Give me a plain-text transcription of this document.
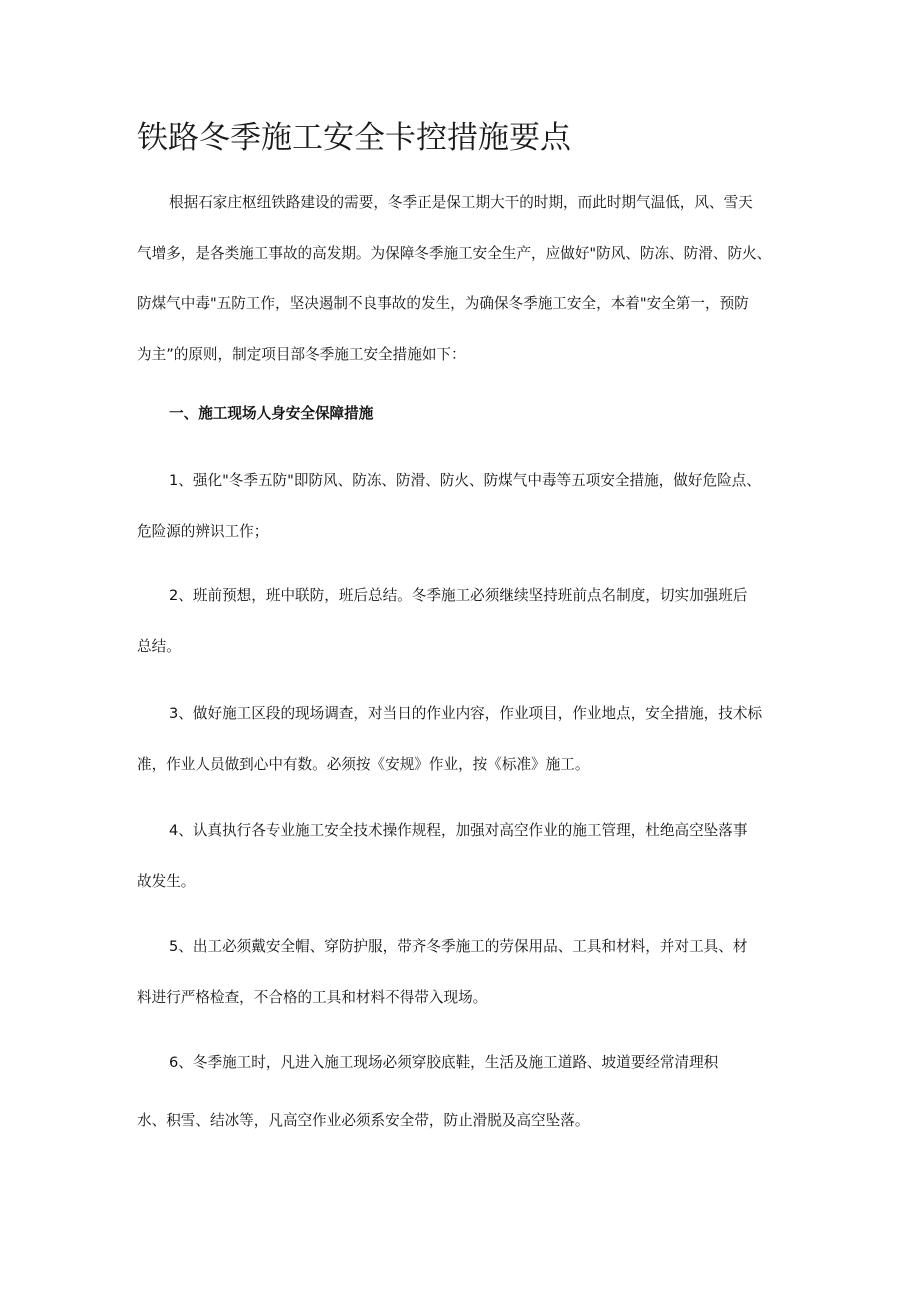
铁路冬季施工安全卡控措施要点
根据石家庄枢纽铁路建设的需要，冬季正是保工期大干的时期，而此时期气温低，风、雪天
气增多，是各类施工事故的高发期。为保障冬季施工安全生产，应做好"防风、防冻、防滑、防火、
防煤气中毒"五防工作，坚决遏制不良事故的发生，为确保冬季施工安全，本着"安全第一，预防
为主”的原则，制定项目部冬季施工安全措施如下：
一、施工现场人身安全保障措施
1、强化"冬季五防"即防风、防冻、防滑、防火、防煤气中毒等五项安全措施，做好危险点、
危险源的辨识工作；
2、班前预想，班中联防，班后总结。冬季施工必须继续坚持班前点名制度，切实加强班后
总结。
3、做好施工区段的现场调查，对当日的作业内容，作业项目，作业地点，安全措施，技术标
准，作业人员做到心中有数。必须按《安规》作业，按《标准》施工。
4、认真执行各专业施工安全技术操作规程，加强对高空作业的施工管理，杜绝高空坠落事
故发生。
5、出工必须戴安全帽、穿防护服，带齐冬季施工的劳保用品、工具和材料，并对工具、材
料进行严格检查，不合格的工具和材料不得带入现场。
6、冬季施工时，凡进入施工现场必须穿胶底鞋，生活及施工道路、坡道要经常清理积
水、积雪、结冰等，凡高空作业必须系安全带，防止滑脱及高空坠落。
